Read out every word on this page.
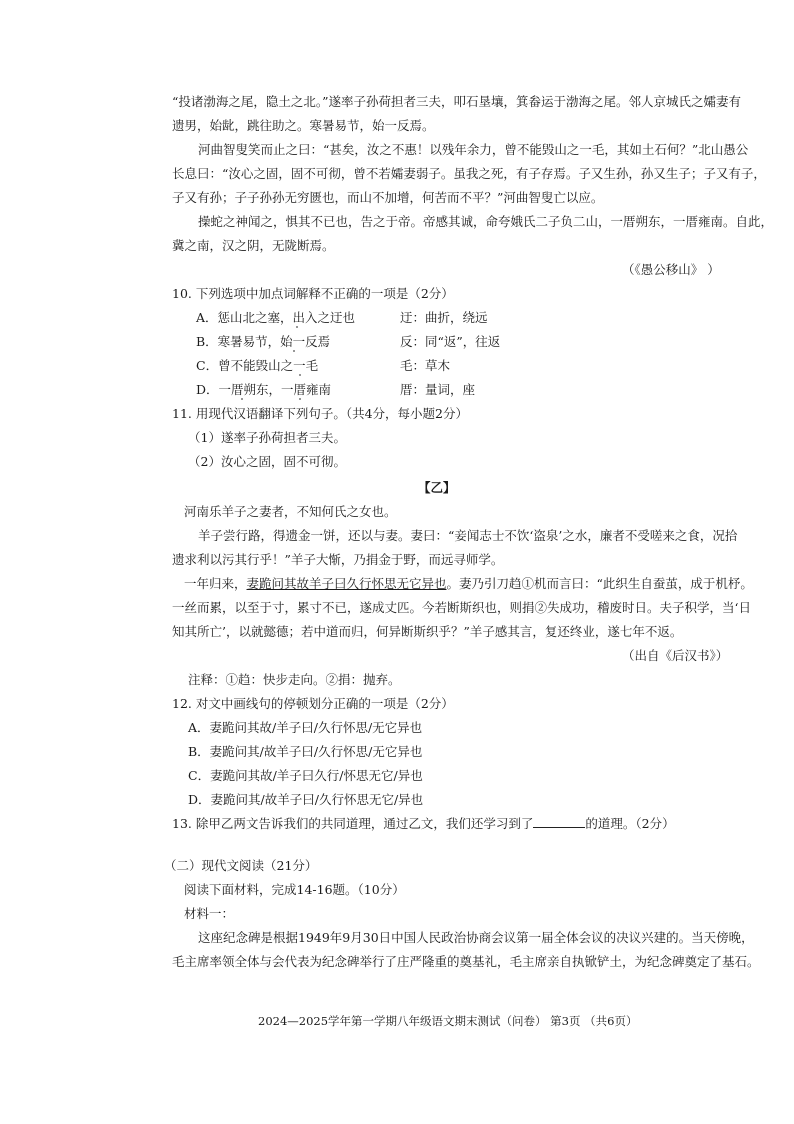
“投诸渤海之尾，隐土之北。”遂率子孙荷担者三夫，叩石垦壤，箕畚运于渤海之尾。邻人京城氏之孀妻有
遗男，始龀，跳往助之。寒暑易节，始一反焉。
河曲智叟笑而止之曰：“甚矣，汝之不惠！以残年余力，曾不能毁山之一毛，其如土石何？”北山愚公
长息曰：“汝心之固，固不可彻，曾不若孀妻弱子。虽我之死，有子存焉。子又生孙，孙又生子；子又有子，
子又有孙；子子孙孙无穷匮也，而山不加增，何苦而不平？”河曲智叟亡以应。
操蛇之神闻之，惧其不已也，告之于帝。帝感其诚，命夸娥氏二子负二山，一厝朔东，一厝雍南。自此，
冀之南，汉之阴，无陇断焉。
（《愚公移山》 ）
10. 下列选项中加点词解释不正确的一项是（2分）
A．惩山北之塞，出入之迂也	迂：曲折，绕远
B．寒暑易节，始一反焉	反：同“返”，往返
C．曾不能毁山之一毛	毛：草木
D．一厝朔东，一厝雍南	厝：量词，座
11. 用现代汉语翻译下列句子。（共4分，每小题2分）
（1）遂率子孙荷担者三夫。
（2）汝心之固，固不可彻。
【乙】
河南乐羊子之妻者，不知何氏之女也。
羊子尝行路，得遗金一饼，还以与妻。妻曰：“妾闻志士不饮‘盗泉’之水，廉者不受嗟来之食，况拾
遗求利以污其行乎！”羊子大惭，乃捐金于野，而远寻师学。
一年归来，妻跪问其故羊子曰久行怀思无它异也。妻乃引刀趋①机而言曰：“此织生自蚕茧，成于机杼。
一丝而累，以至于寸，累寸不已，遂成丈匹。今若断斯织也，则捐②失成功，稽废时日。夫子积学，当‘日
知其所亡’，以就懿德；若中道而归，何异断斯织乎？”羊子感其言，复还终业，遂七年不返。
（出自《后汉书》）
注释：①趋：快步走向。②捐：抛弃。
12. 对文中画线句的停顿划分正确的一项是（2分）
A．妻跪问其故/羊子曰/久行怀思/无它异也
B．妻跪问其/故羊子曰/久行怀思/无它异也
C．妻跪问其故/羊子曰久行/怀思无它/异也
D．妻跪问其/故羊子曰/久行怀思无它/异也
13. 除甲乙两文告诉我们的共同道理，通过乙文，我们还学习到了	的道理。（2分）
（二）现代文阅读（21分）
阅读下面材料，完成14-16题。（10分）
材料一：
这座纪念碑是根据1949年9月30日中国人民政治协商会议第一届全体会议的决议兴建的。当天傍晚，
毛主席率领全体与会代表为纪念碑举行了庄严隆重的奠基礼，毛主席亲自执锨铲土，为纪念碑奠定了基石。
2024—2025学年第一学期八年级语文期末测试（问卷） 第3页 （共6页）
